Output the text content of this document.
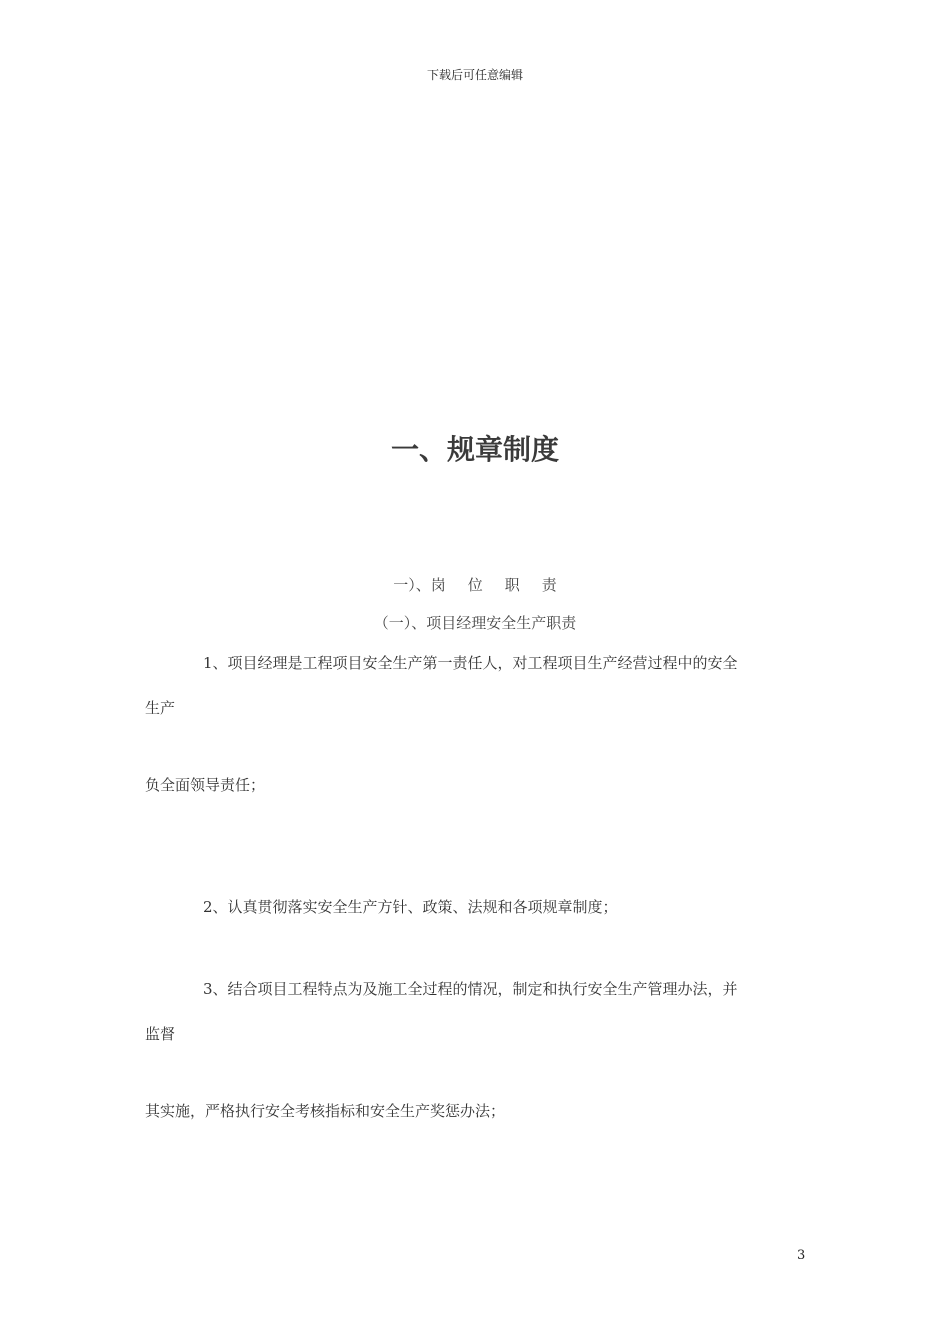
下载后可任意编辑
一、规章制度
一）、岗 位 职 责
（一）、项目经理安全生产职责
1、项目经理是工程项目安全生产第一责任人，对工程项目生产经营过程中的安全
生产
负全面领导责任；
2、认真贯彻落实安全生产方针、政策、法规和各项规章制度；
3、结合项目工程特点为及施工全过程的情况，制定和执行安全生产管理办法，并
监督
其实施，严格执行安全考核指标和安全生产奖惩办法；
3
